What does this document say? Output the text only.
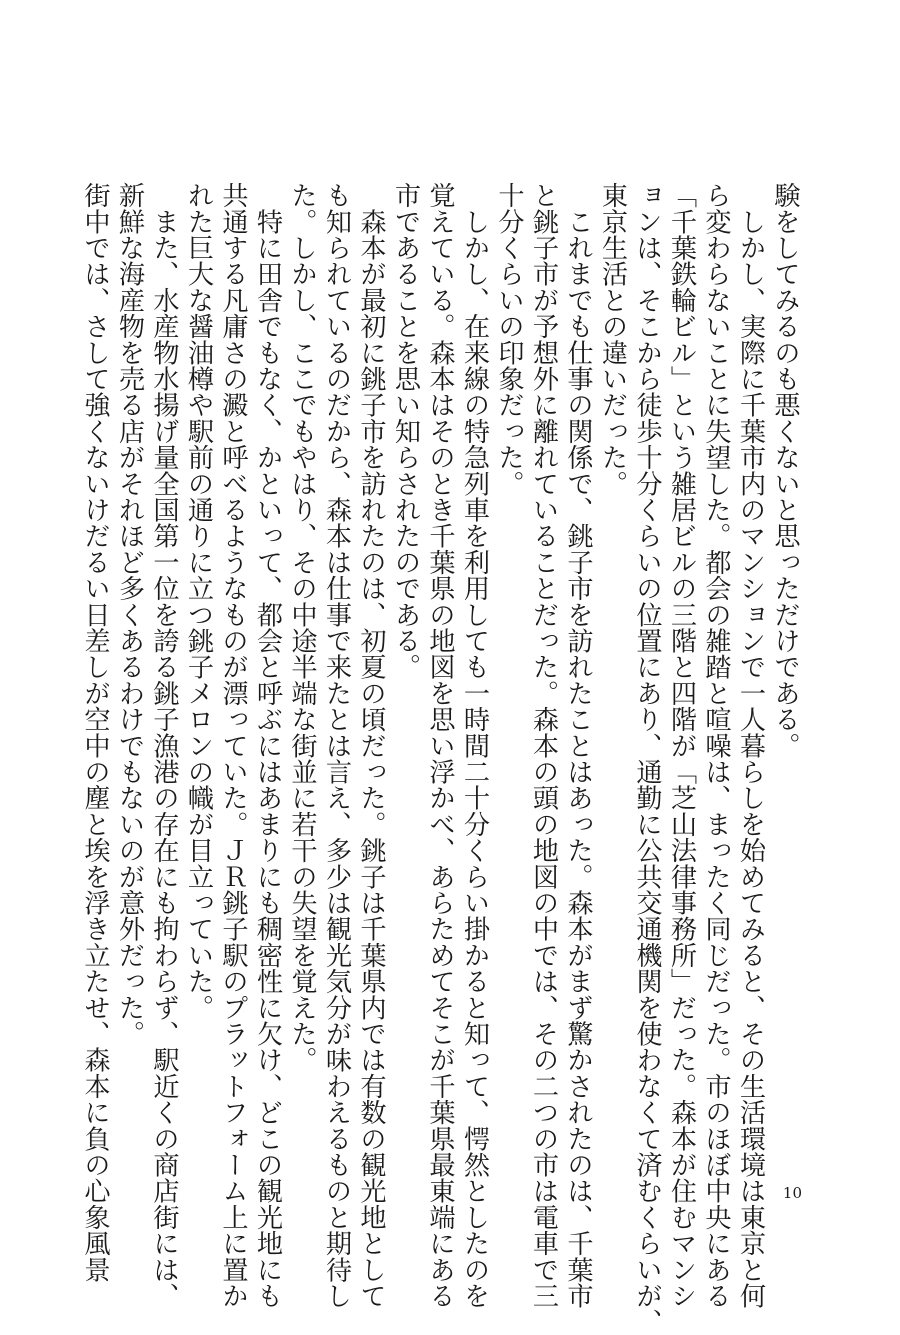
験をしてみるのも悪くないと思っただけである。
　しかし、実際に千葉市内のマンションで一人暮らしを始めてみると、その生活環境は東京と何
ら変わらないことに失望した。都会の雑踏と喧噪は、まったく同じだった。市のほぼ中央にある
「千葉鉄輪ビル」という雑居ビルの三階と四階が「芝山法律事務所」だった。森本が住むマンシ
ョンは、そこから徒歩十分くらいの位置にあり、通勤に公共交通機関を使わなくて済むくらいが、
東京生活との違いだった。
　これまでも仕事の関係で、銚子市を訪れたことはあった。森本がまず驚かされたのは、千葉市
と銚子市が予想外に離れていることだった。森本の頭の地図の中では、その二つの市は電車で三
十分くらいの印象だった。
　しかし、在来線の特急列車を利用しても一時間二十分くらい掛かると知って、愕然としたのを
覚えている。森本はそのとき千葉県の地図を思い浮かべ、あらためてそこが千葉県最東端にある
市であることを思い知らされたのである。
　森本が最初に銚子市を訪れたのは、初夏の頃だった。銚子は千葉県内では有数の観光地として
も知られているのだから、森本は仕事で来たとは言え、多少は観光気分が味わえるものと期待し
た。しかし、ここでもやはり、その中途半端な街並に若干の失望を覚えた。
　特に田舎でもなく、かといって、都会と呼ぶにはあまりにも稠密性に欠け、どこの観光地にも
共通する凡庸さの澱と呼べるようなものが漂っていた。ＪＲ銚子駅のプラットフォーム上に置か
れた巨大な醤油樽や駅前の通りに立つ銚子メロンの幟が目立っていた。
　また、水産物水揚げ量全国第一位を誇る銚子漁港の存在にも拘わらず、駅近くの商店街には、
新鮮な海産物を売る店がそれほど多くあるわけでもないのが意外だった。
街中では、さして強くないけだるい日差しが空中の塵と埃を浮き立たせ、森本に負の心象風景	10
